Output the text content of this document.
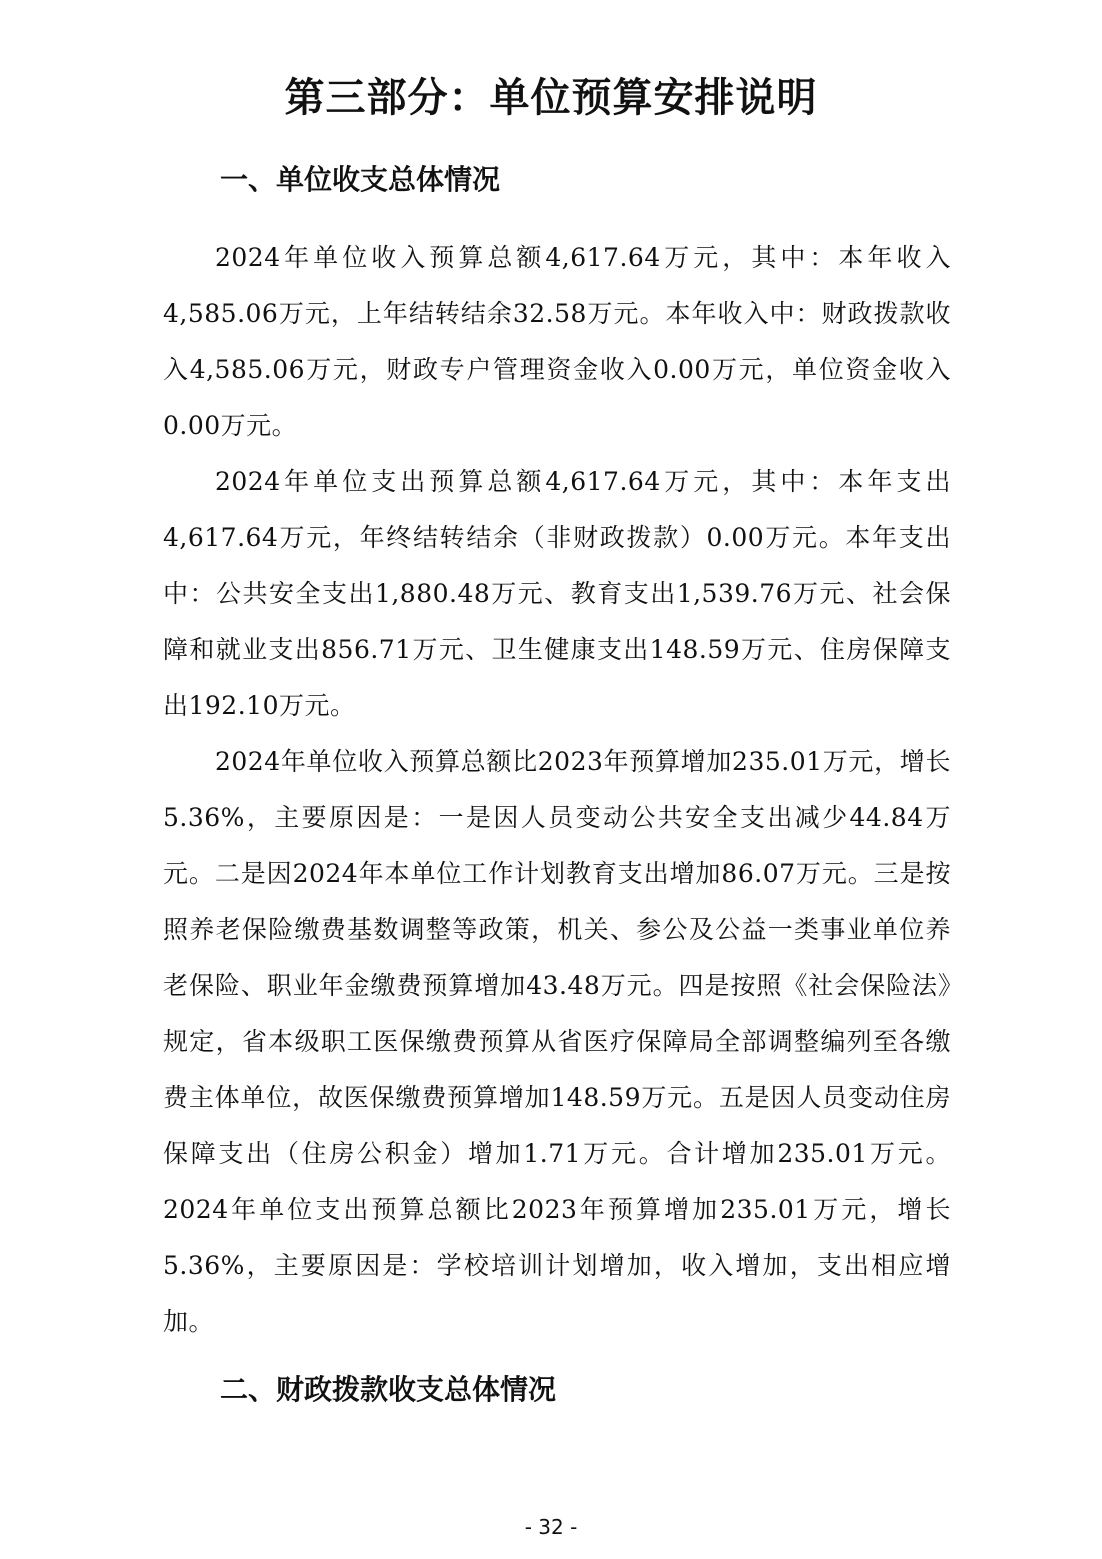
第三部分：单位预算安排说明
一、单位收支总体情况

2024年单位收入预算总额4,617.64万元，其中：本年收入4,585.06万元，上年结转结余32.58万元。本年收入中：财政拨款收入4,585.06万元，财政专户管理资金收入0.00万元，单位资金收入0.00万元。

2024年单位支出预算总额4,617.64万元，其中：本年支出4,617.64万元，年终结转结余（非财政拨款）0.00万元。本年支出中：公共安全支出1,880.48万元、教育支出1,539.76万元、社会保障和就业支出856.71万元、卫生健康支出148.59万元、住房保障支出192.10万元。

2024年单位收入预算总额比2023年预算增加235.01万元，增长5.36%，主要原因是：一是因人员变动公共安全支出减少44.84万元。二是因2024年本单位工作计划教育支出增加86.07万元。三是按照养老保险缴费基数调整等政策，机关、参公及公益一类事业单位养老保险、职业年金缴费预算增加43.48万元。四是按照《社会保险法》规定，省本级职工医保缴费预算从省医疗保障局全部调整编列至各缴费主体单位，故医保缴费预算增加148.59万元。五是因人员变动住房保障支出（住房公积金）增加1.71万元。合计增加235.01万元。2024年单位支出预算总额比2023年预算增加235.01万元，增长5.36%，主要原因是：学校培训计划增加，收入增加，支出相应增加。

二、财政拨款收支总体情况
- 32 -
